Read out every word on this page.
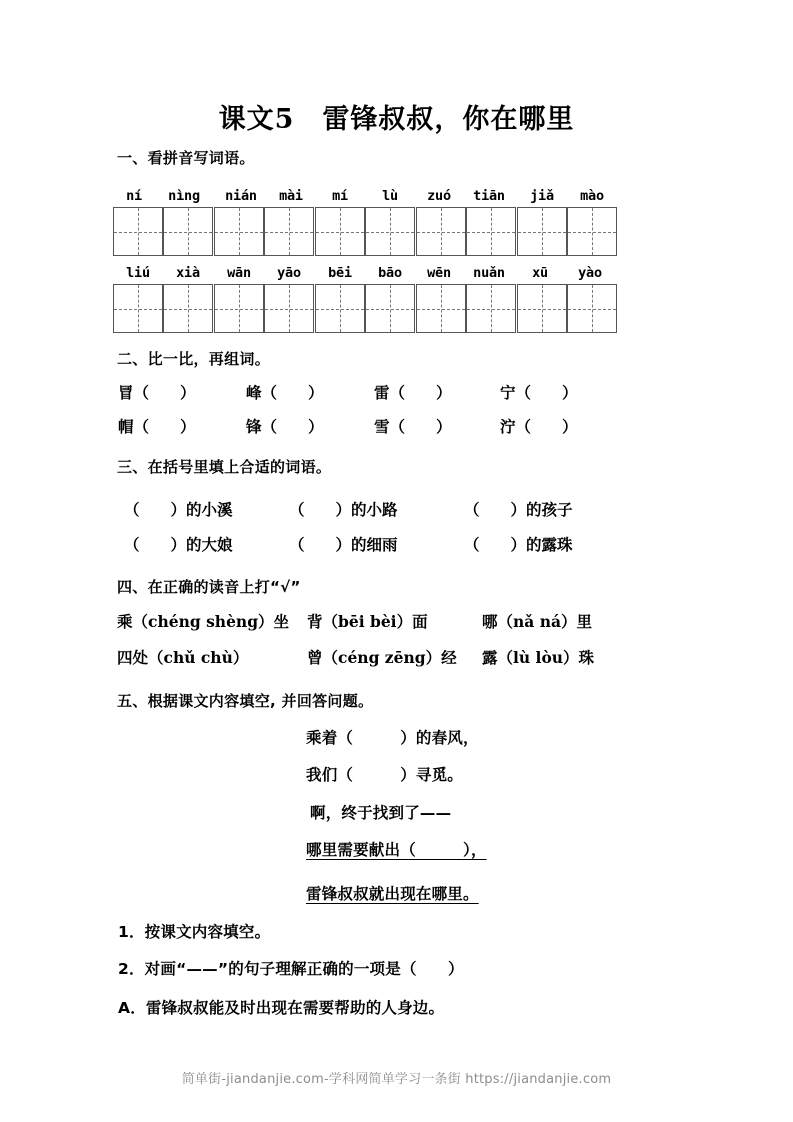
课文5　雷锋叔叔，你在哪里
一、看拼音写词语。
ní nìng nián mài mí	lù zuó tiān jiǎ mào
liú xià wān yāo bēi bāo wēn nuǎn xū yào
二、比一比，再组词。
冒（　　）	峰（　　）	雷（　　）	宁（　　）
帽（　　）	锋（　　）	雪（　　）	泞（　　）
三、在括号里填上合适的词语。
（　　）的小溪	（　　）的小路	（　　）的孩子
（　　）的大娘	（　　）的细雨	（　　）的露珠
四、在正确的读音上打“√”
乘（chéng shèng）坐	背（bēi bèi）面	哪（nǎ ná）里
四处（chǔ chù）	曾（céng zēng）经	露（lù lòu）珠
五、根据课文内容填空, 并回答问题。
乘着（　　　）的春风，
我们（　　　）寻觅。
啊，终于找到了——
哪里需要献出（　　　），
雷锋叔叔就出现在哪里。
1．按课文内容填空。
2．对画“——”的句子理解正确的一项是（　　）
A．雷锋叔叔能及时出现在需要帮助的人身边。
简单街-jiandanjie.com-学科网简单学习一条街 https://jiandanjie.com
